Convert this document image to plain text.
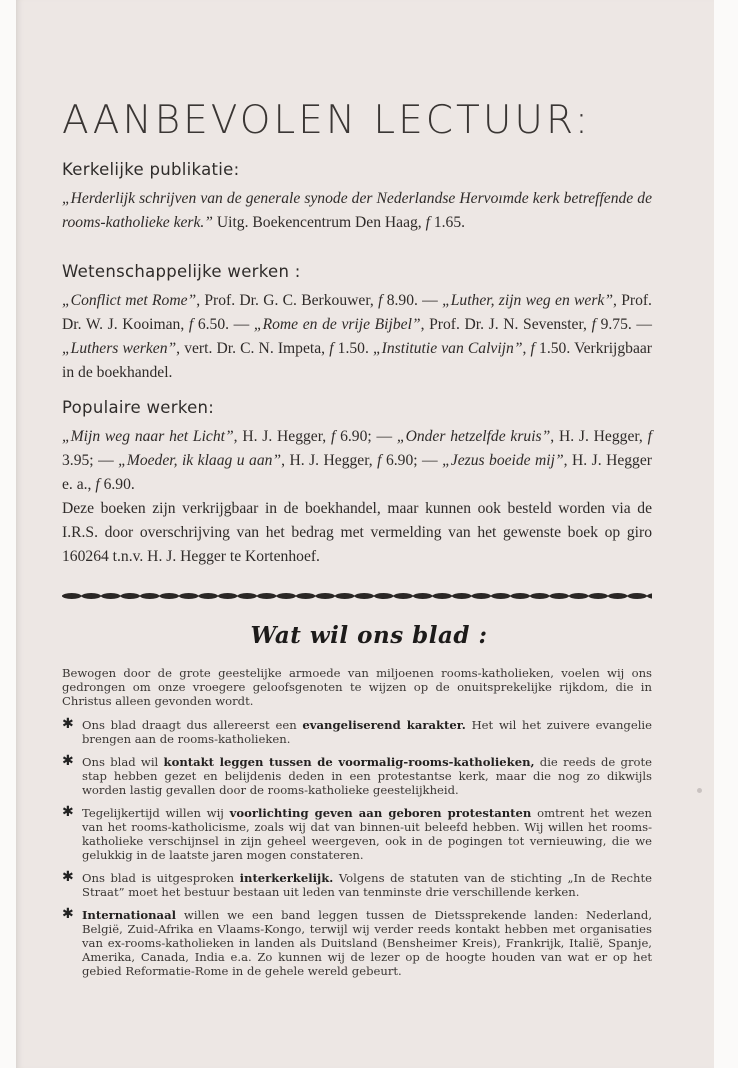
AANBEVOLEN LECTUUR:
Kerkelijke publikatie:
„Herderlijk schrijven van de generale synode der Nederlandse Hervoımde kerk betreffende de rooms-katholieke kerk.” Uitg. Boekencentrum Den Haag, f 1.65.
Wetenschappelijke werken :
„Conflict met Rome”, Prof. Dr. G. C. Berkouwer, f 8.90. — „Luther, zijn weg en werk”, Prof. Dr. W. J. Kooiman, f 6.50. — „Rome en de vrije Bijbel”, Prof. Dr. J. N. Sevenster, f 9.75. — „Luthers werken”, vert. Dr. C. N. Impeta, f 1.50. „Institutie van Calvijn”, f 1.50. Verkrijgbaar in de boekhandel.
Populaire werken:
„Mijn weg naar het Licht”, H. J. Hegger, f 6.90; — „Onder hetzelfde kruis”, H. J. Hegger, f 3.95; — „Moeder, ik klaag u aan”, H. J. Hegger, f 6.90; — „Jezus boeide mij”, H. J. Hegger e. a., f 6.90.
Deze boeken zijn verkrijgbaar in de boekhandel, maar kunnen ook besteld worden via de I.R.S. door overschrijving van het bedrag met vermelding van het gewenste boek op giro 160264 t.n.v. H. J. Hegger te Kortenhoef.
Wat wil ons blad :

Bewogen door de grote geestelijke armoede van miljoenen rooms-katholieken, voelen wij ons gedrongen om onze vroegere geloofsgenoten te wijzen op de onuitsprekelijke rijkdom, die in Christus alleen gevonden wordt.

✱ Ons blad draagt dus allereerst een evangeliserend karakter. Het wil het zuivere evangelie brengen aan de rooms-katholieken.
✱ Ons blad wil kontakt leggen tussen de voormalig-rooms-katholieken, die reeds de grote stap hebben gezet en belijdenis deden in een protestantse kerk, maar die nog zo dikwijls worden lastig gevallen door de rooms-katholieke geestelijkheid.
✱ Tegelijkertijd willen wij voorlichting geven aan geboren protestanten omtrent het wezen van het rooms-katholicisme, zoals wij dat van binnen-uit beleefd hebben. Wij willen het rooms-katholieke verschijnsel in zijn geheel weergeven, ook in de pogingen tot vernieuwing, die we gelukkig in de laatste jaren mogen constateren.
✱ Ons blad is uitgesproken interkerkelijk. Volgens de statuten van de stichting „In de Rechte Straat” moet het bestuur bestaan uit leden van tenminste drie verschillende kerken.
✱ Internationaal willen we een band leggen tussen de Dietssprekende landen: Nederland, België, Zuid-Afrika en Vlaams-Kongo, terwijl wij verder reeds kontakt hebben met organisaties van ex-rooms-katholieken in landen als Duitsland (Bensheimer Kreis), Frankrijk, Italië, Spanje, Amerika, Canada, India e.a. Zo kunnen wij de lezer op de hoogte houden van wat er op het gebied Reformatie-Rome in de gehele wereld gebeurt.
